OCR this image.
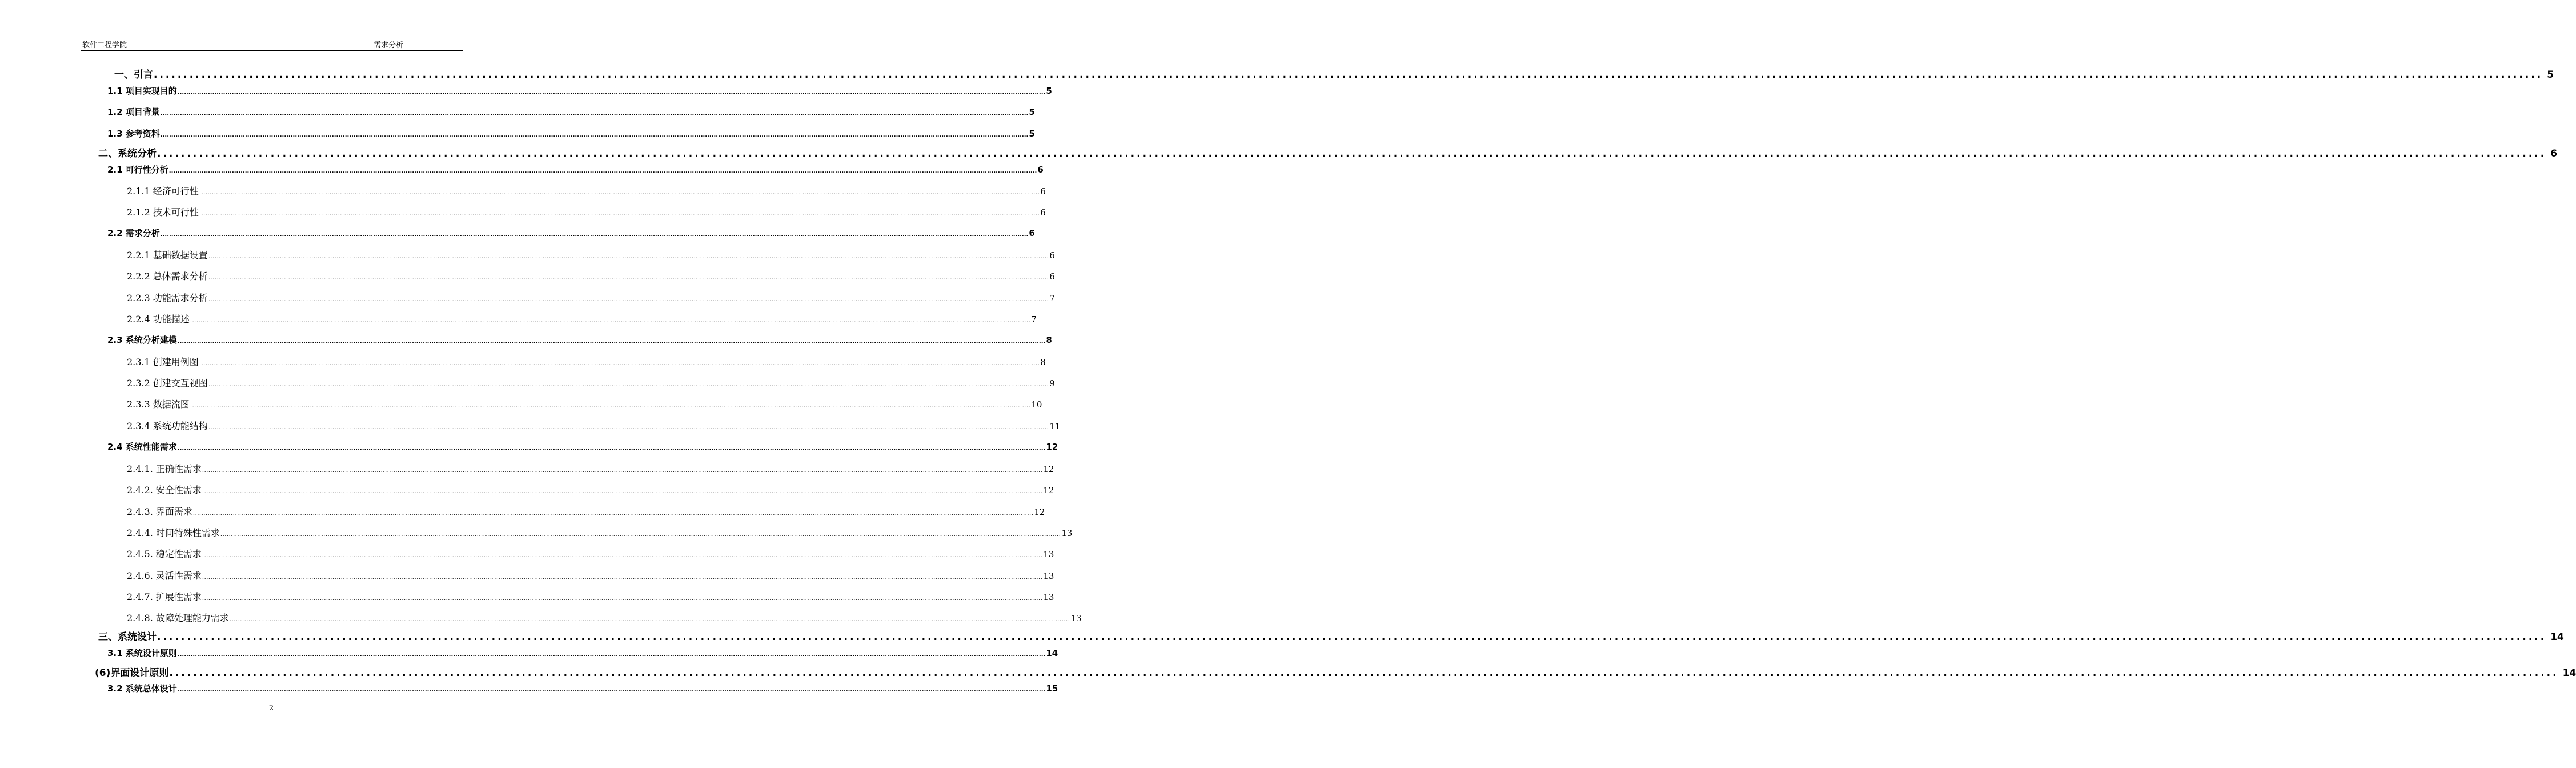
软件工程学院	需求分析
一、引言 ................................................................................................................................................................................................................................................................................................................................................................................................................ 5
1.1 项目实现目的 ................................................................................................................................................................................................................................................................................................................................................................................................................ 5
1.2 项目背景 ................................................................................................................................................................................................................................................................................................................................................................................................................ 5
1.3 参考资料 ................................................................................................................................................................................................................................................................................................................................................................................................................ 5
二、系统分析 ................................................................................................................................................................................................................................................................................................................................................................................................................ 6
2.1 可行性分析 ................................................................................................................................................................................................................................................................................................................................................................................................................ 6
2.1.1 经济可行性 ................................................................................................................................................................................................................................................................................................................................................................................................................ 6
2.1.2 技术可行性 ................................................................................................................................................................................................................................................................................................................................................................................................................ 6
2.2 需求分析 ................................................................................................................................................................................................................................................................................................................................................................................................................ 6
2.2.1 基础数据设置 ................................................................................................................................................................................................................................................................................................................................................................................................................ 6
2.2.2 总体需求分析 ................................................................................................................................................................................................................................................................................................................................................................................................................ 6
2.2.3 功能需求分析 ................................................................................................................................................................................................................................................................................................................................................................................................................ 7
2.2.4 功能描述 ................................................................................................................................................................................................................................................................................................................................................................................................................ 7
2.3 系统分析建模 ................................................................................................................................................................................................................................................................................................................................................................................................................ 8
2.3.1 创建用例图 ................................................................................................................................................................................................................................................................................................................................................................................................................ 8
2.3.2 创建交互视图 ................................................................................................................................................................................................................................................................................................................................................................................................................ 9
2.3.3 数据流图 ................................................................................................................................................................................................................................................................................................................................................................................................................ 10
2.3.4 系统功能结构 ................................................................................................................................................................................................................................................................................................................................................................................................................ 11
2.4 系统性能需求 ................................................................................................................................................................................................................................................................................................................................................................................................................ 12
2.4.1. 正确性需求 ................................................................................................................................................................................................................................................................................................................................................................................................................ 12
2.4.2. 安全性需求 ................................................................................................................................................................................................................................................................................................................................................................................................................ 12
2.4.3. 界面需求 ................................................................................................................................................................................................................................................................................................................................................................................................................ 12
2.4.4. 时间特殊性需求 ................................................................................................................................................................................................................................................................................................................................................................................................................ 13
2.4.5. 稳定性需求 ................................................................................................................................................................................................................................................................................................................................................................................................................ 13
2.4.6. 灵活性需求 ................................................................................................................................................................................................................................................................................................................................................................................................................ 13
2.4.7. 扩展性需求 ................................................................................................................................................................................................................................................................................................................................................................................................................ 13
2.4.8. 故障处理能力需求 ................................................................................................................................................................................................................................................................................................................................................................................................................ 13
三、系统设计 ................................................................................................................................................................................................................................................................................................................................................................................................................ 14
3.1 系统设计原则 ................................................................................................................................................................................................................................................................................................................................................................................................................ 14
(6)界面设计原则 ................................................................................................................................................................................................................................................................................................................................................................................................................ 14
3.2 系统总体设计 ................................................................................................................................................................................................................................................................................................................................................................................................................ 15
2
